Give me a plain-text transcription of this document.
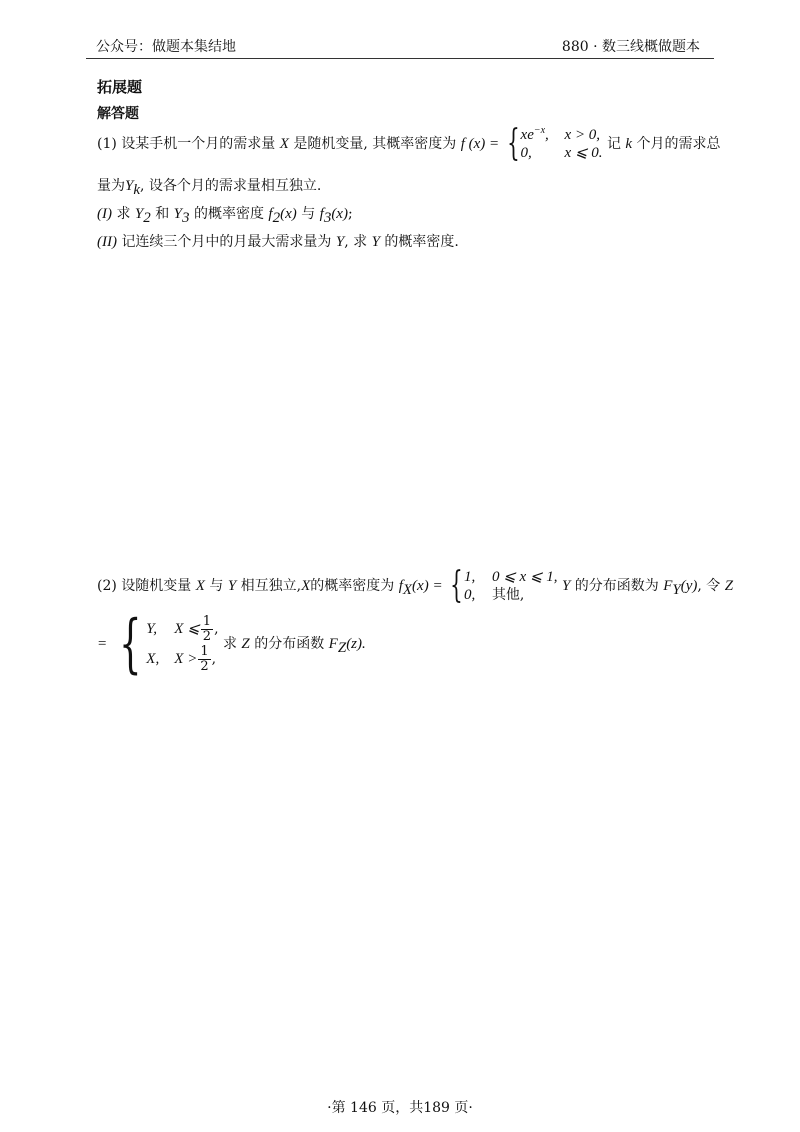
公众号：做题本集结地	880 · 数三线概做题本
拓展题
解答题
(1) 设某手机一个月的需求量 X 是随机变量, 其概率密度为 f (x) = { $xe^{-x}$, x > 0,
0, x ⩽ 0.
记 k 个月的需求总
量为$Y_k$, 设各个月的需求量相互独立.
(I) 求 $Y_2$ 和 $Y_3$ 的概率密度 $f_2(x)$ 与 $f_3(x)$;
(II) 记连续三个月中的月最大需求量为 Y, 求 Y 的概率密度.
(2) 设随机变量 X 与 Y 相互独立,X的概率密度为 $f_X(x)$ = { 1, 0 ⩽ x ⩽ 1,
0, 其他,
Y 的分布函数为 $F_Y(y)$, 令 Z
= { Y, X ⩽ $\frac{1}{2}$ ,
X, $X > \frac{1}{2}$ ,
求 Z 的分布函数 $F_Z(z)$.
·第 146 页，共189 页·
